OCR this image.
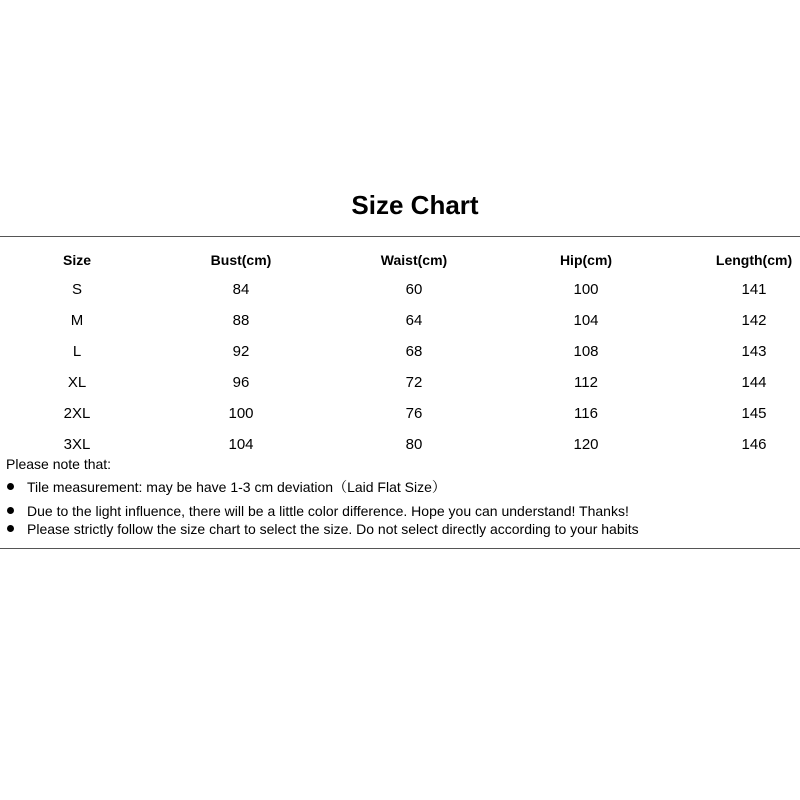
Size Chart
Size	Bust(cm)	Waist(cm)	Hip(cm)	Length(cm)
S	84	60	100	141
M	88	64	104	142
L	92	68	108	143
XL	96	72	112	144
2XL	100	76	116	145
3XL	104	80	120	146
Please note that:
Tile measurement: may be have 1-3 cm deviation（Laid Flat Size）
Due to the light influence, there will be a little color difference. Hope you can understand! Thanks!
Please strictly follow the size chart to select the size. Do not select directly according to your habits
